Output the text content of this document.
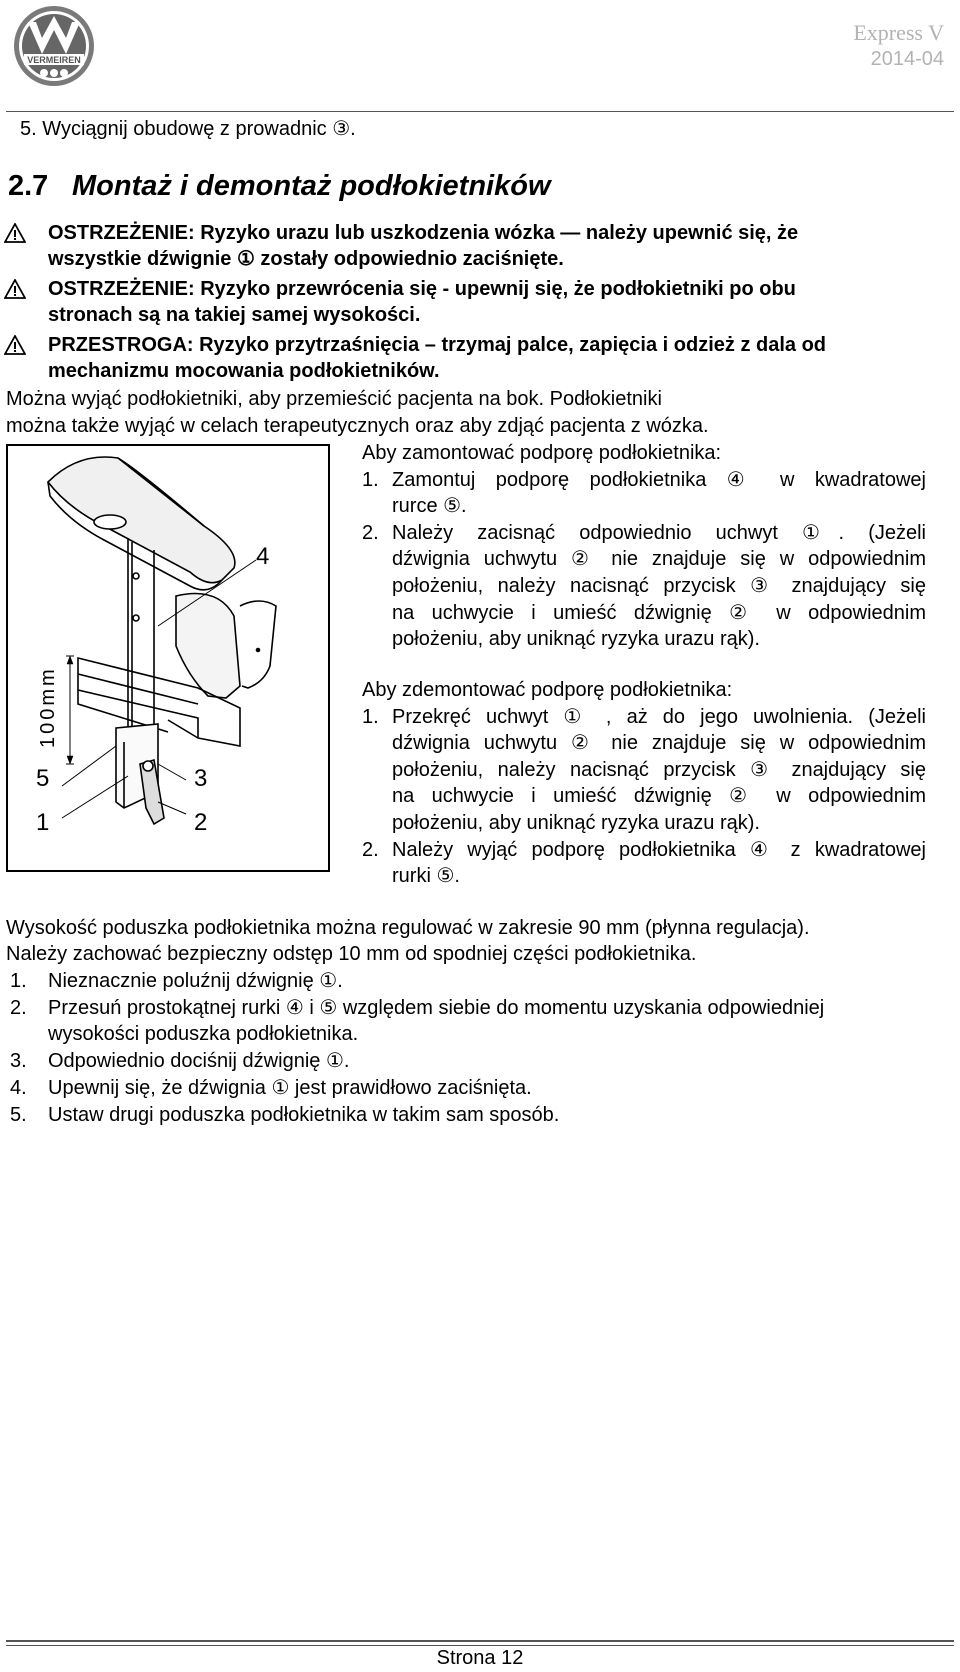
VERMEIREN
Express V
2014-04
5. Wyciągnij obudowę z prowadnic ③.
2.7 Montaż i demontaż podłokietników
OSTRZEŻENIE: Ryzyko urazu lub uszkodzenia wózka — należy upewnić się, że
wszystkie dźwignie ① zostały odpowiednio zaciśnięte.
OSTRZEŻENIE: Ryzyko przewrócenia się - upewnij się, że podłokietniki po obu
stronach są na takiej samej wysokości.
PRZESTROGA: Ryzyko przytrzaśnięcia – trzymaj palce, zapięcia i odzież z dala od
mechanizmu mocowania podłokietników.
Można wyjąć podłokietniki, aby przemieścić pacjenta na bok. Podłokietniki
można także wyjąć w celach terapeutycznych oraz aby zdjąć pacjenta z wózka.
4
5
1
3
2
100mm
Aby zamontować podporę podłokietnika:
1. Zamontuj podporę podłokietnika ④ w kwadratowej
rurce ⑤.
2. Należy zacisnąć odpowiednio uchwyt ①. (Jeżeli
dźwignia uchwytu ② nie znajduje się w odpowiednim
położeniu, należy nacisnąć przycisk ③ znajdujący się
na uchwycie i umieść dźwignię ② w odpowiednim
położeniu, aby uniknąć ryzyka urazu rąk).
Aby zdemontować podporę podłokietnika:
1. Przekręć uchwyt ① , aż do jego uwolnienia. (Jeżeli
dźwignia uchwytu ② nie znajduje się w odpowiednim
położeniu, należy nacisnąć przycisk ③ znajdujący się
na uchwycie i umieść dźwignię ② w odpowiednim
położeniu, aby uniknąć ryzyka urazu rąk).
2. Należy wyjąć podporę podłokietnika ④ z kwadratowej
rurki ⑤.
Wysokość poduszka podłokietnika można regulować w zakresie 90 mm (płynna regulacja).
Należy zachować bezpieczny odstęp 10 mm od spodniej części podłokietnika.
1. Nieznacznie poluźnij dźwignię ①.
2. Przesuń prostokątnej rurki ④ i ⑤ względem siebie do momentu uzyskania odpowiedniej
wysokości poduszka podłokietnika.
3. Odpowiednio dociśnij dźwignię ①.
4. Upewnij się, że dźwignia ① jest prawidłowo zaciśnięta.
5. Ustaw drugi poduszka podłokietnika w takim sam sposób.
Strona 12
